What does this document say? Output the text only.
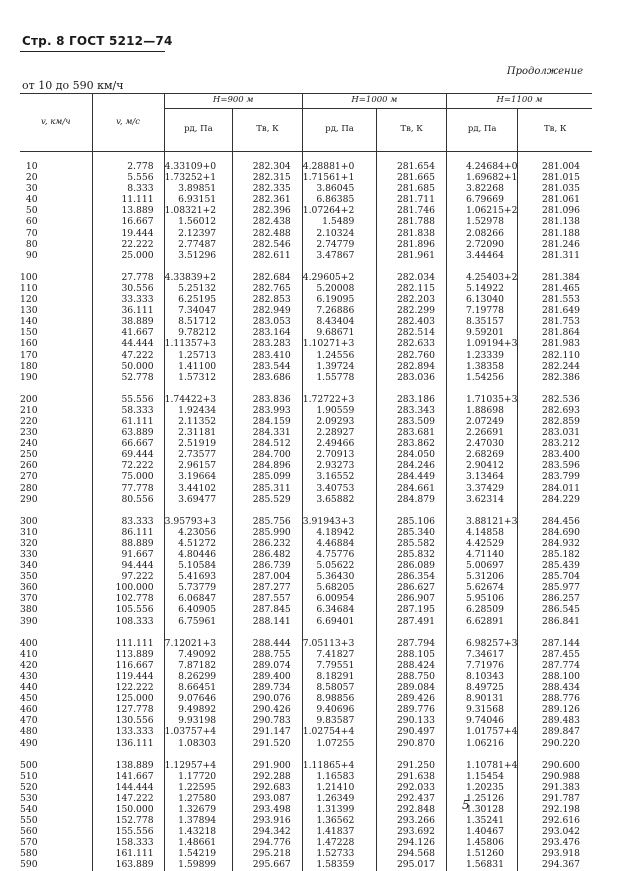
Стр. 8 ГОСТ 5212—74
Продолжение
от 10 до 590 км/ч
v, км/ч	v, м/с	H=900 м		H=1000 м		H=1100 м	
		pд, Па	Tв, К	pд, Па	Tв, К	pд, Па	Tв, К
10	2.778	4.33109+0	282.304	4.28881+0	281.654	4.24684+0	281.004
20	5.556	1.73252+1	282.315	1.71561+1	281.665	1.69682+1	281.015
30	8.333	3.89851	282.335	3.86045	281.685	3.82268	281.035
40	11.111	6.93151	282.361	6.86385	281.711	6.79669	281.061
50	13.889	1.08321+2	282.396	1.07264+2	281.746	1.06215+2	281.096
60	16.667	1.56012	282.438	1.5489	281.788	1.52978	281.138
70	19.444	2.12397	282.488	2.10324	281.838	2.08266	281.188
80	22.222	2.77487	282.546	2.74779	281.896	2.72090	281.246
90	25.000	3.51296	282.611	3.47867	281.961	3.44464	281.311
100	27.778	4.33839+2	282.684	4.29605+2	282.034	4.25403+2	281.384
110	30.556	5.25132	282.765	5.20008	282.115	5.14922	281.465
120	33.333	6.25195	282.853	6.19095	282.203	6.13040	281.553
130	36.111	7.34047	282.949	7.26886	282.299	7.19778	281.649
140	38.889	8.51712	283.053	8.43404	282.403	8.35157	281.753
150	41.667	9.78212	283.164	9.68671	282.514	9.59201	281.864
160	44.444	1.11357+3	283.283	1.10271+3	282.633	1.09194+3	281.983
170	47.222	1.25713	283.410	1.24556	282.760	1.23339	282.110
180	50.000	1.41100	283.544	1.39724	282.894	1.38358	282.244
190	52.778	1.57312	283.686	1.55778	283.036	1.54256	282.386
200	55.556	1.74422+3	283.836	1.72722+3	283.186	1.71035+3	282.536
210	58.333	1.92434	283.993	1.90559	283.343	1.88698	282.693
220	61.111	2.11352	284.159	2.09293	283.509	2.07249	282.859
230	63.889	2.31181	284.331	2.28927	283.681	2.26691	283.031
240	66.667	2.51919	284.512	2.49466	283.862	2.47030	283.212
250	69.444	2.73577	284.700	2.70913	284.050	2.68269	283.400
260	72.222	2.96157	284.896	2.93273	284.246	2.90412	283.596
270	75.000	3.19664	285.099	3.16552	284.449	3.13464	283.799
280	77.778	3.44102	285.311	3.40753	284.661	3.37429	284.011
290	80.556	3.69477	285.529	3.65882	284.879	3.62314	284.229
300	83.333	3.95793+3	285.756	3.91943+3	285.106	3.88121+3	284.456
310	86.111	4.23056	285.990	4.18942	285.340	4.14858	284.690
320	88.889	4.51272	286.232	4.46884	285.582	4.42529	284.932
330	91.667	4.80446	286.482	4.75776	285.832	4.71140	285.182
340	94.444	5.10584	286.739	5.05622	286.089	5.00697	285.439
350	97.222	5.41693	287.004	5.36430	286.354	5.31206	285.704
360	100.000	5.73779	287.277	5.68205	286.627	5.62674	285.977
370	102.778	6.06847	287.557	6.00954	286.907	5.95106	286.257
380	105.556	6.40905	287.845	6.34684	287.195	6.28509	286.545
390	108.333	6.75961	288.141	6.69401	287.491	6.62891	286.841
400	111.111	7.12021+3	288.444	7.05113+3	287.794	6.98257+3	287.144
410	113.889	7.49092	288.755	7.41827	288.105	7.34617	287.455
420	116.667	7.87182	289.074	7.79551	288.424	7.71976	287.774
430	119.444	8.26299	289.400	8.18291	288.750	8.10343	288.100
440	122.222	8.66451	289.734	8.58057	289.084	8.49725	288.434
450	125.000	9.07646	290.076	8.98856	289.426	8.90131	288.776
460	127.778	9.49892	290.426	9.40696	289.776	9.31568	289.126
470	130.556	9.93198	290.783	9.83587	290.133	9.74046	289.483
480	133.333	1.03757+4	291.147	1.02754+4	290.497	1.01757+4	289.847
490	136.111	1.08303	291.520	1.07255	290.870	1.06216	290.220
500	138.889	1.12957+4	291.900	1.11865+4	291.250	1.10781+4	290.600
510	141.667	1.17720	292.288	1.16583	291.638	1.15454	290.988
520	144.444	1.22595	292.683	1.21410	292.033	1.20235	291.383
530	147.222	1.27580	293.087	1.26349	292.437	1.25126	291.787
540	150.000	1.32679	293.498	1.31399	292.848	1.30128	292.198
550	152.778	1.37894	293.916	1.36562	293.266	1.35241	292.616
560	155.556	1.43218	294.342	1.41837	293.692	1.40467	293.042
570	158.333	1.48661	294.776	1.47228	294.126	1.45806	293.476
580	161.111	1.54219	295.218	1.52733	294.568	1.51260	293.918
590	163.889	1.59899	295.667	1.58359	295.017	1.56831	294.367
5
